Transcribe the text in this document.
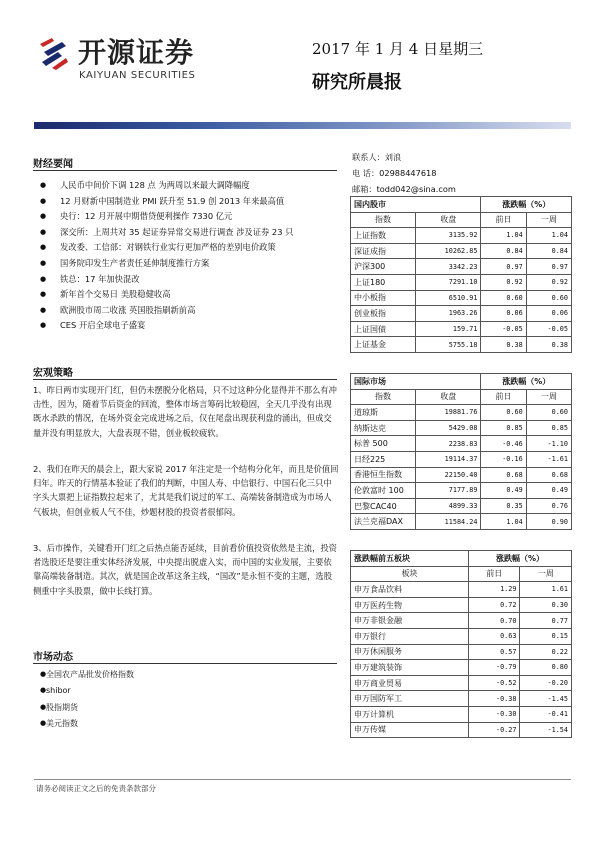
开源证券
KAIYUAN SECURITIES
2017 年 1 月 4 日星期三
研究所晨报
财经要闻
● 人民币中间价下调 128 点 为两周以来最大调降幅度
● 12 月财新中国制造业 PMI 跃升至 51.9 创 2013 年来最高值
● 央行：12 月开展中期借贷便利操作 7330 亿元
● 深交所：上周共对 35 起证券异常交易进行调查 涉及证券 23 只
● 发改委、工信部：对钢铁行业实行更加严格的差别电价政策
● 国务院印发生产者责任延伸制度推行方案
● 铁总：17 年加快混改
● 新年首个交易日 美股稳健收高
● 欧洲股市周二收涨 英国股指刷新前高
● CES 开启全球电子盛宴
宏观策略

1、昨日两市实现开门红，但仍未摆脱分化格局，只不过这种分化显得并不那么有冲击性，因为，随着节后资金的回流，整体市场言筹码比较稳固，全天几乎没有出现既水杀跌的情况，在场外资金完成进场之后，仅在尾盘出现获利盘的涌出，但成交量并没有明显放大，大盘表现不错，创业板较疲软。

2、我们在昨天的晨会上，跟大家说 2017 年注定是一个结构分化年，而且是价值回归年。昨天的行情基本验证了我们的判断，中国人寿、中信银行、中国石化三只中字头大票把上证指数拉起来了，尤其是我们说过的军工、高端装备制造成为市场人气板块，但创业板人气不佳，炒题材股的投资者很郁闷。

3、后市操作，关键看开门红之后热点能否延续，目前看价值投资依然是主流，投资者选股还是要注重实体经济发展，中央提出脱虚入实，而中国的实业发展，主要依靠高端装备制造。其次，就是国企改革这条主线，“国改”是永恒不变的主题，选股侧重中字头股票，做中长线打算。

市场动态
● 全国农产品批发价格指数
● shibor
● 股指期货
● 美元指数
联系人：刘浪
电 话：02988447618
邮箱：todd042@sina.com
国内股市		涨跌幅（%）	
指数	收盘	前日	一周
上证指数	3135.92	1.04	1.04
深证成指	10262.85	0.84	0.84
沪深300	3342.23	0.97	0.97
上证180	7291.10	0.92	0.92
中小板指	6510.91	0.60	0.60
创业板指	1963.26	0.06	0.06
上证国债	159.71	-0.05	-0.05
上证基金	5755.18	0.38	0.38
国际市场		涨跌幅（%）	
指数	收盘	前日	一周
道琼斯	19881.76	0.60	0.60
纳斯达克	5429.08	0.85	0.85
标普 500	2238.83	-0.46	-1.10
日经225	19114.37	-0.16	-1.61
香港恒生指数	22150.40	0.68	0.68
伦敦富时 100	7177.89	0.49	0.49
巴黎CAC40	4899.33	0.35	0.76
法兰克福DAX	11584.24	1.04	0.90
涨跌幅前五板块	涨跌幅（%）	
板块	前日	一周
申万食品饮料	1.29	1.61
申万医药生物	0.72	0.30
申万非银金融	0.70	0.77
申万银行	0.63	0.15
申万休闲服务	0.57	0.22
申万建筑装饰	-0.79	0.80
申万商业贸易	-0.52	-0.20
申万国防军工	-0.38	-1.45
申万计算机	-0.30	-0.41
申万传媒	-0.27	-1.54
请务必阅读正文之后的免责条款部分
